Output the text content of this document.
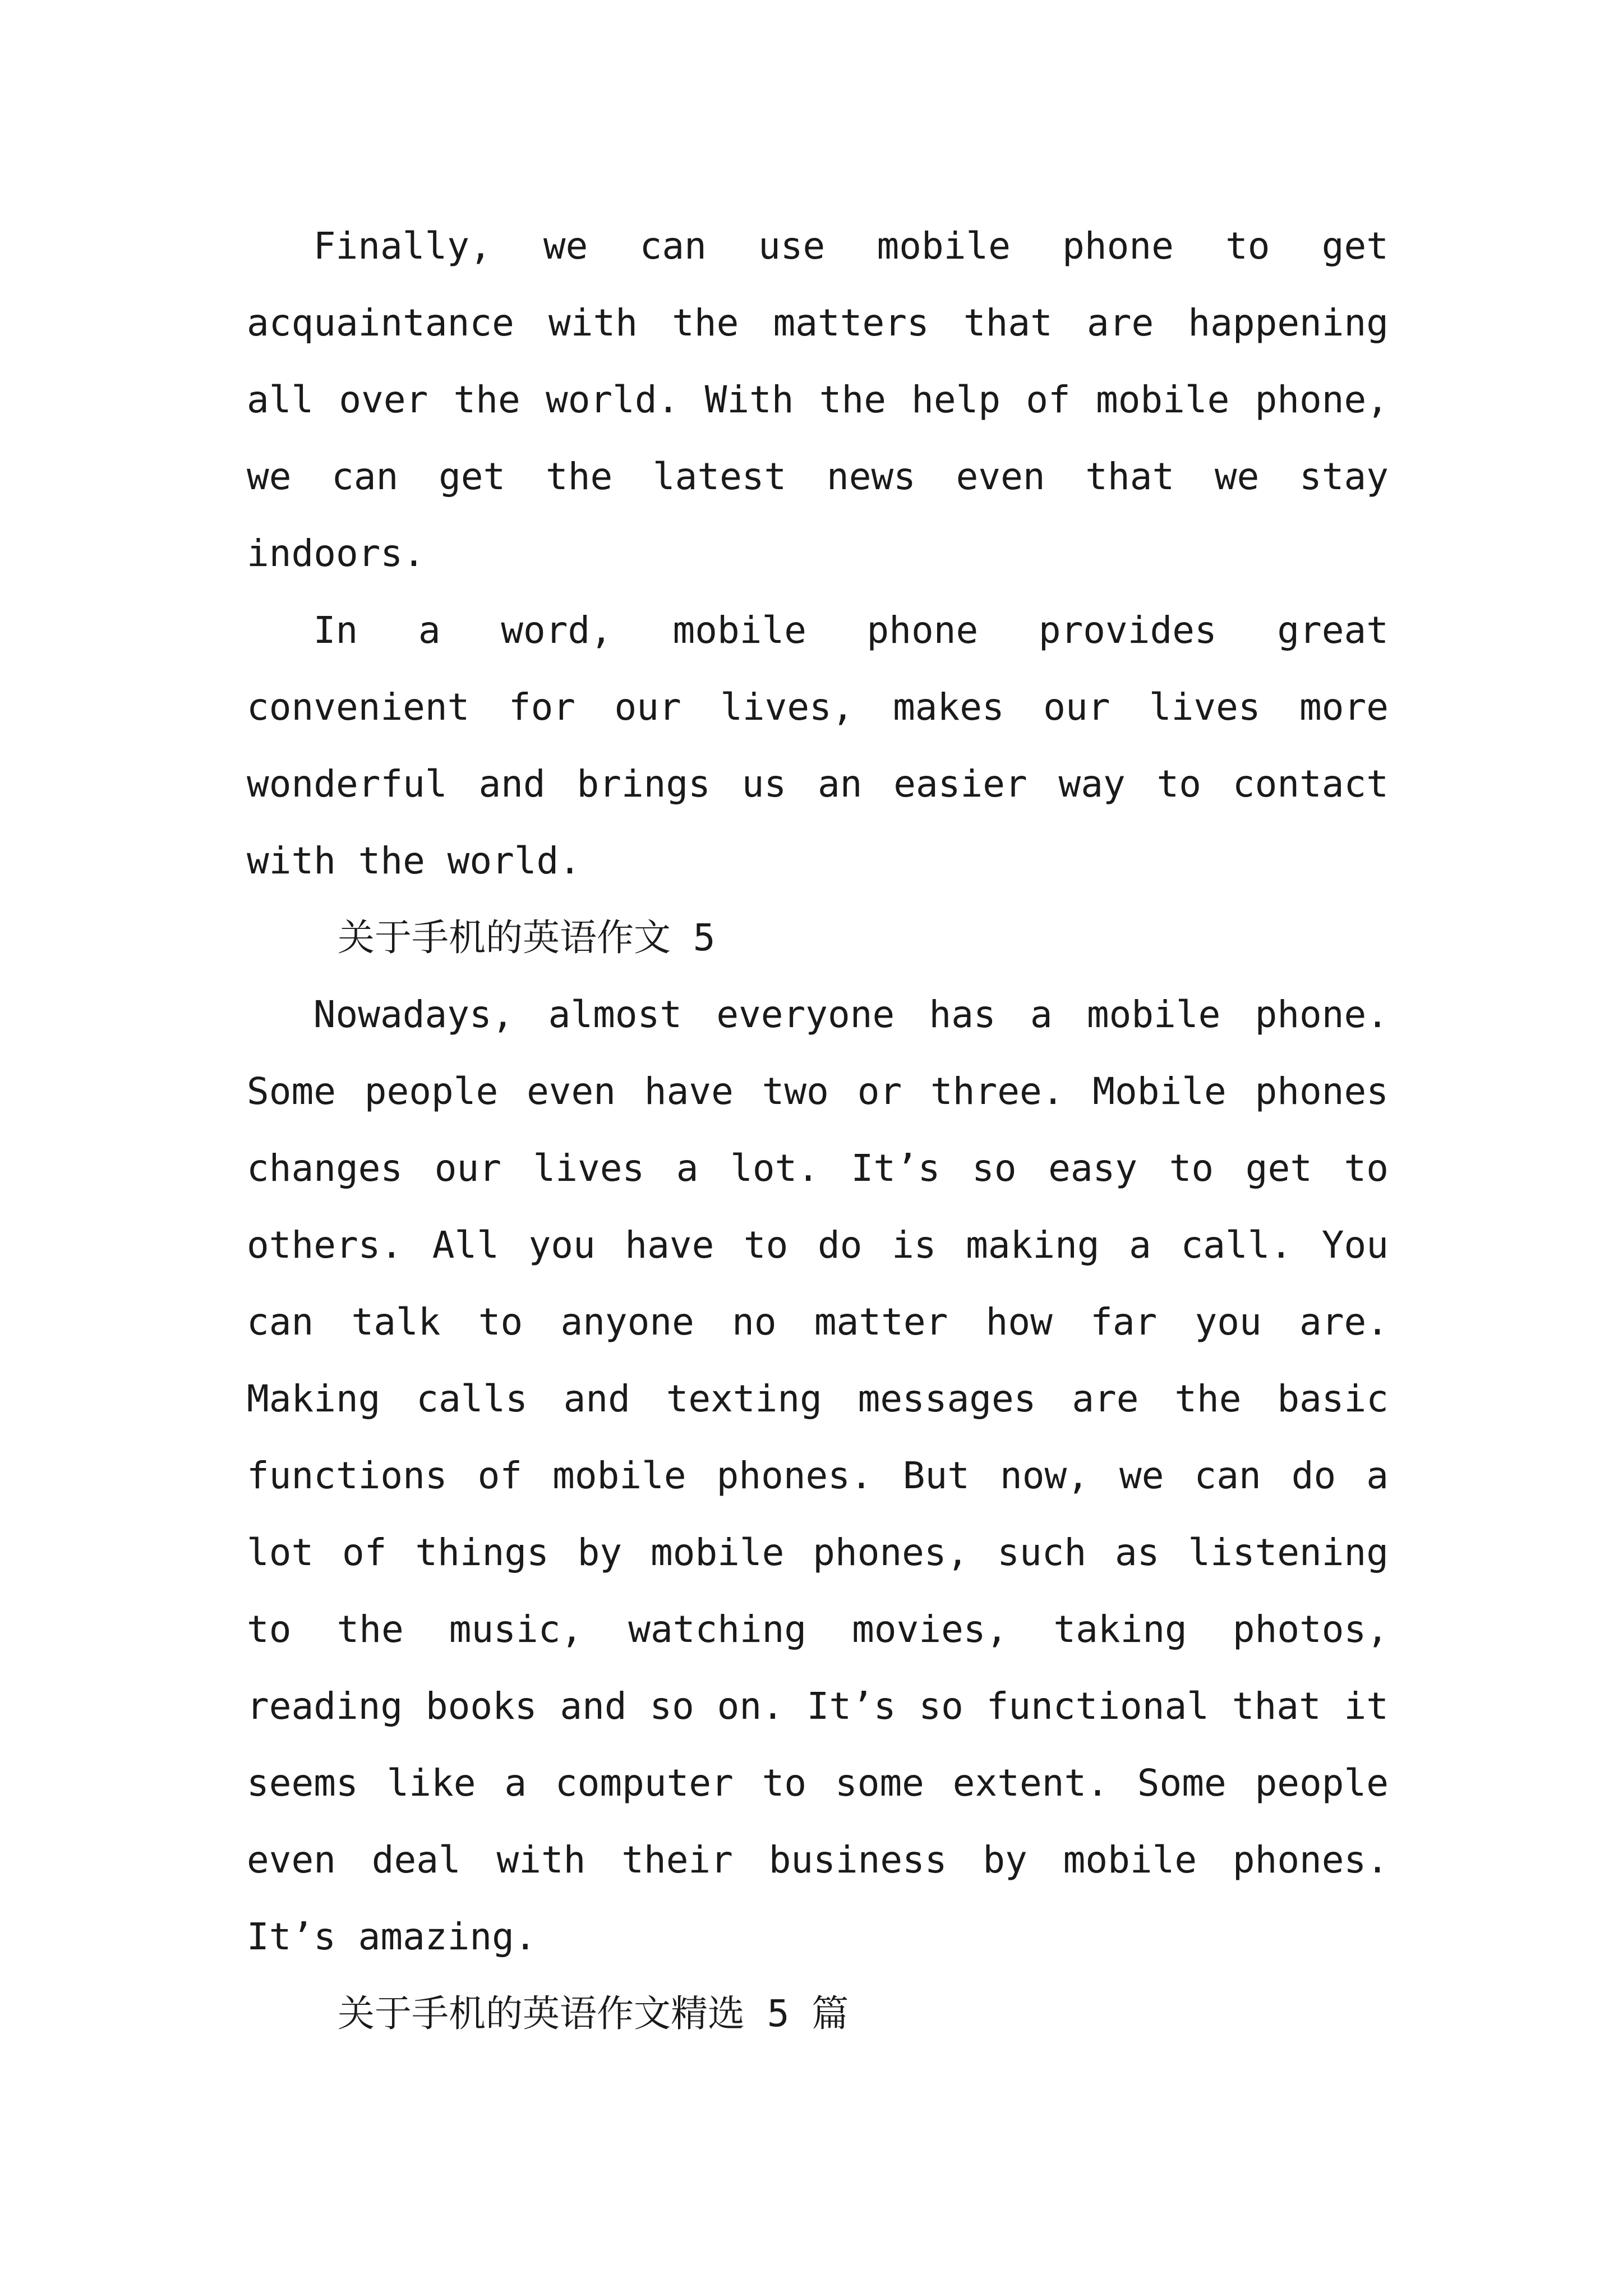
Finally, we can use mobile phone to get acquaintance with the matters that are happening all over the world. With the help of mobile phone, we can get the latest news even that we stay indoors.

In a word, mobile phone provides great convenient for our lives, makes our lives more wonderful and brings us an easier way to contact with the world.

关于手机的英语作文 5

Nowadays, almost everyone has a mobile phone. Some people even have two or three. Mobile phones changes our lives a lot. It’s so easy to get to others. All you have to do is making a call. You can talk to anyone no matter how far you are. Making calls and texting messages are the basic functions of mobile phones. But now, we can do a lot of things by mobile phones, such as listening to the music, watching movies, taking photos, reading books and so on. It’s so functional that it seems like a computer to some extent. Some people even deal with their business by mobile phones. It’s amazing.

关于手机的英语作文精选 5 篇
